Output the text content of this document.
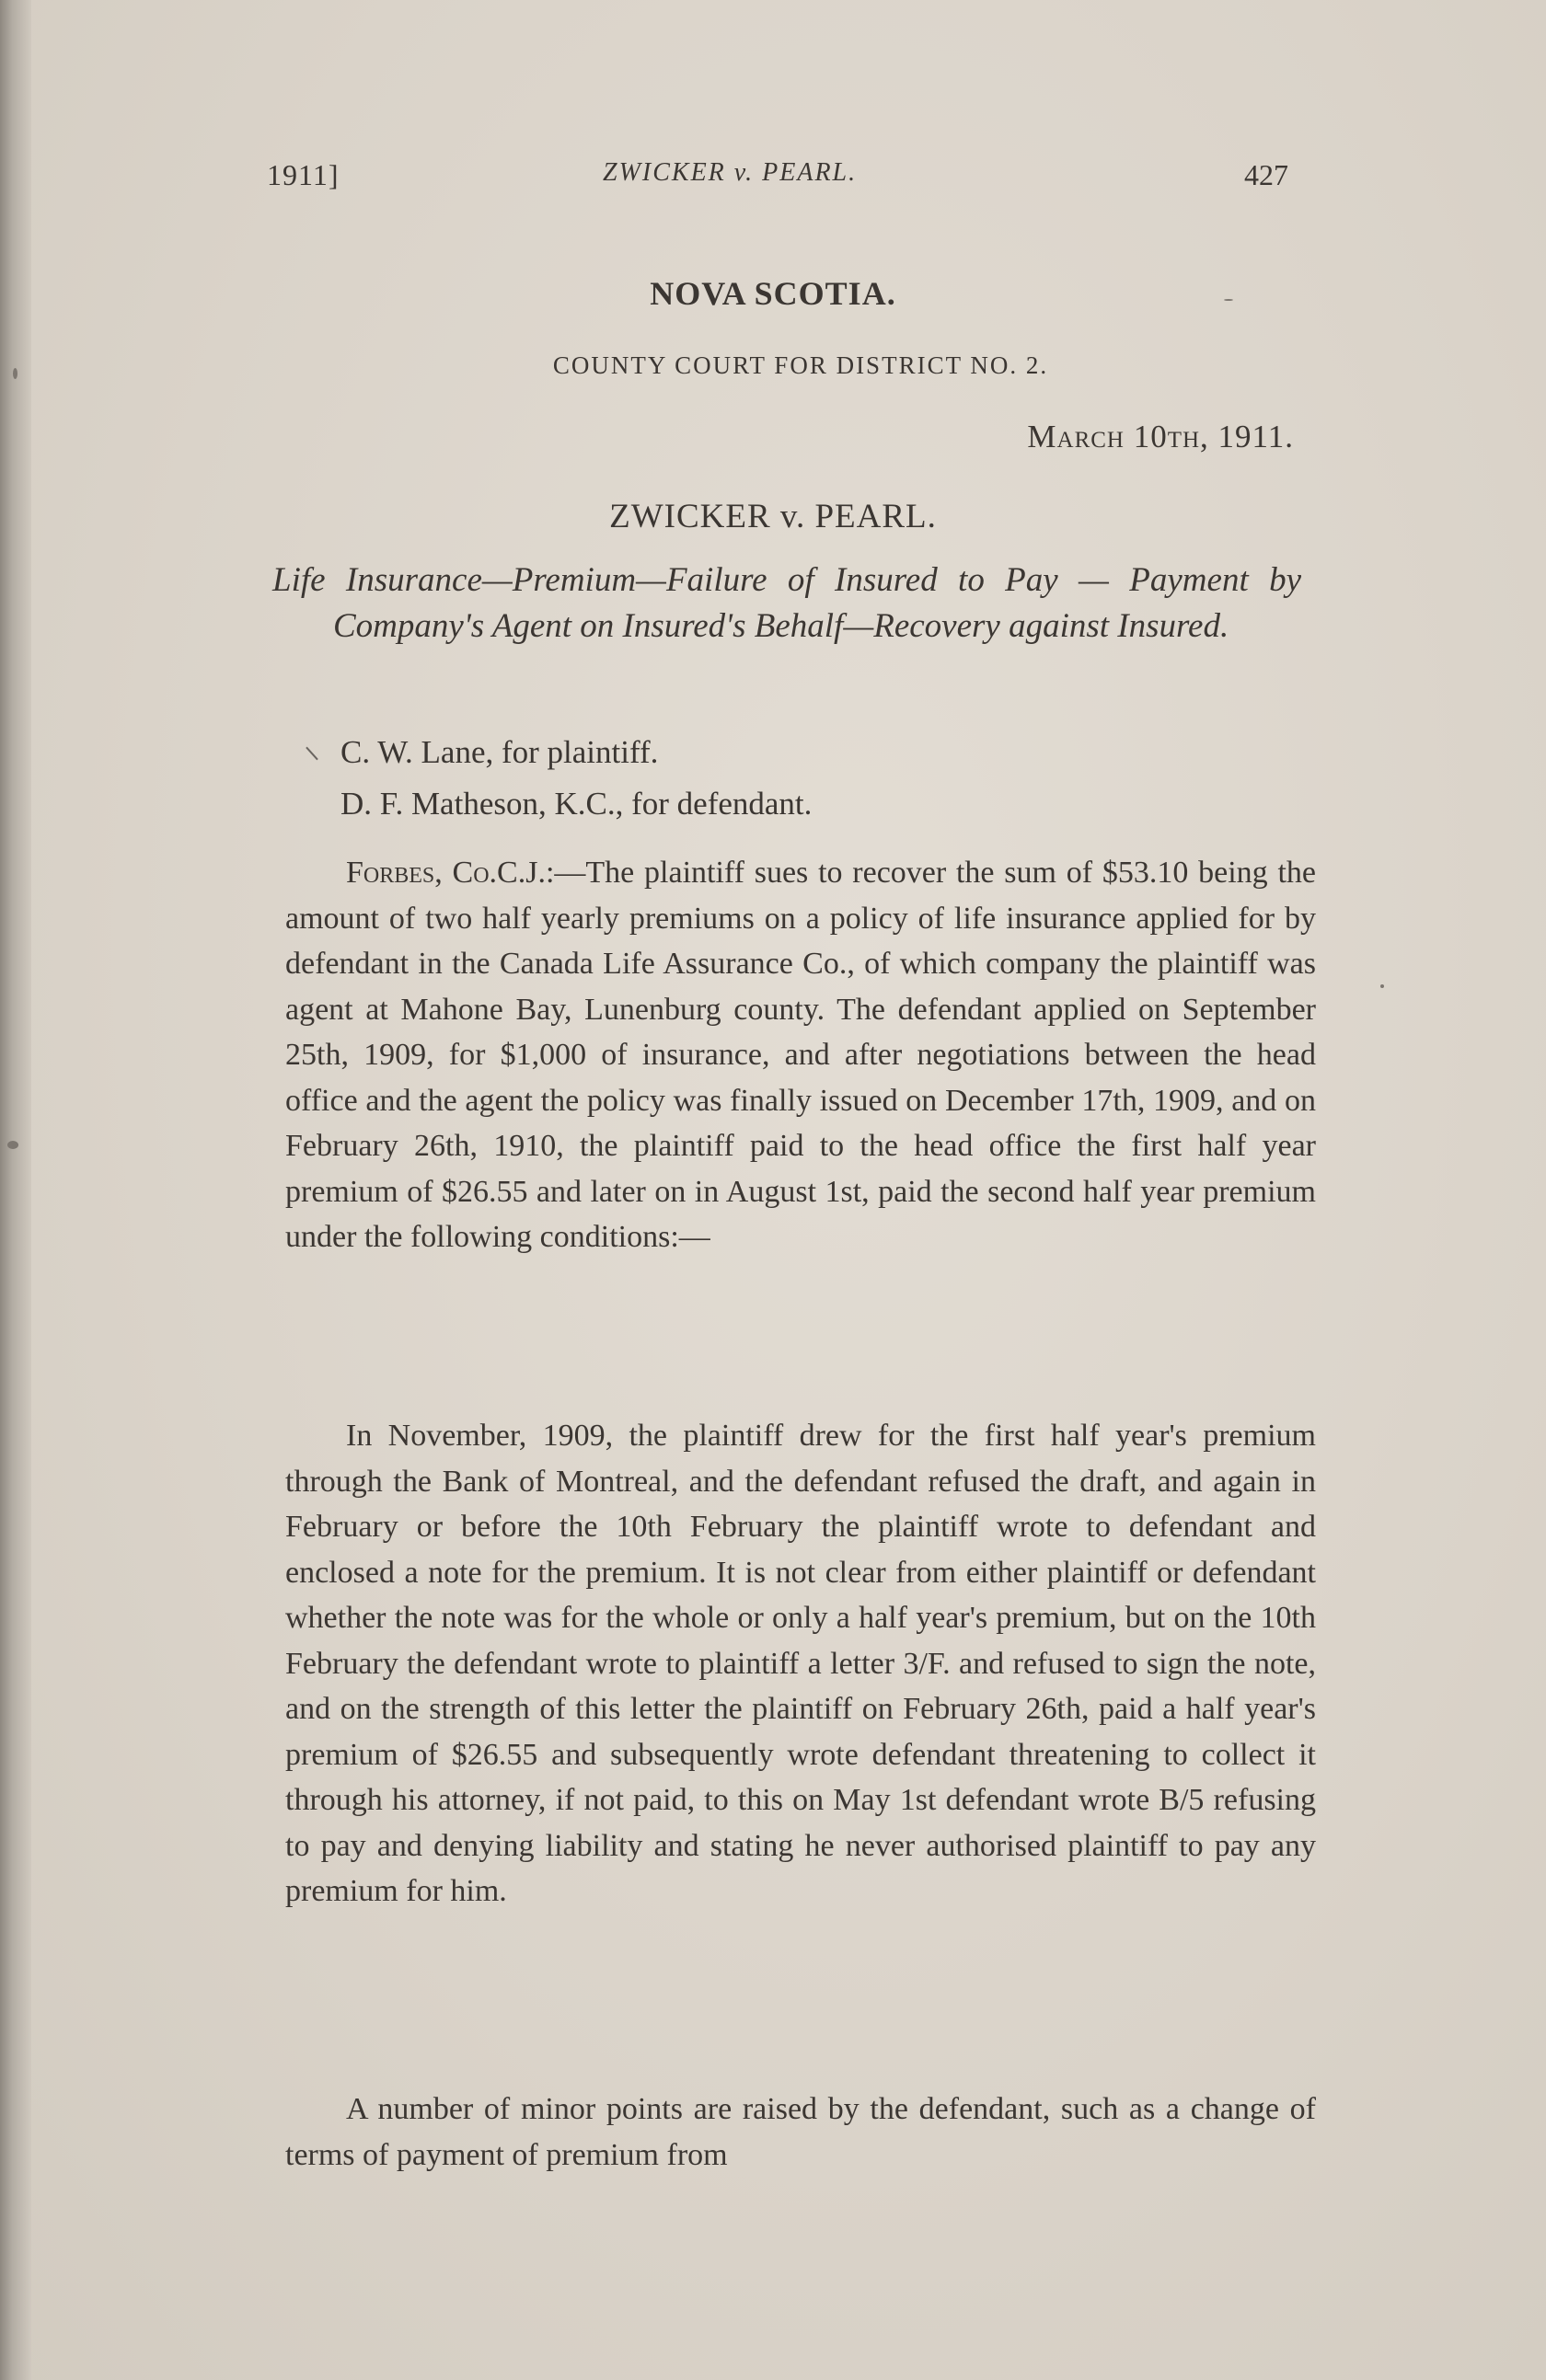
1911]	ZWICKER v. PEARL.	427
NOVA SCOTIA.
COUNTY COURT FOR DISTRICT NO. 2.
March 10th, 1911.
ZWICKER v. PEARL.
Life Insurance—Premium—Failure of Insured to Pay — Payment by Company's Agent on Insured's Behalf—Recovery against Insured.
C. W. Lane, for plaintiff.
D. F. Matheson, K.C., for defendant.

Forbes, Co.C.J.:—The plaintiff sues to recover the sum of $53.10 being the amount of two half yearly premiums on a policy of life insurance applied for by defendant in the Canada Life Assurance Co., of which company the plaintiff was agent at Mahone Bay, Lunenburg county. The defendant applied on September 25th, 1909, for $1,000 of insurance, and after negotiations between the head office and the agent the policy was finally issued on December 17th, 1909, and on February 26th, 1910, the plaintiff paid to the head office the first half year premium of $26.55 and later on in August 1st, paid the second half year premium under the following conditions:—

In November, 1909, the plaintiff drew for the first half year's premium through the Bank of Montreal, and the defendant refused the draft, and again in February or before the 10th February the plaintiff wrote to defendant and enclosed a note for the premium. It is not clear from either plaintiff or defendant whether the note was for the whole or only a half year's premium, but on the 10th February the defendant wrote to plaintiff a letter 3/F. and refused to sign the note, and on the strength of this letter the plaintiff on February 26th, paid a half year's premium of $26.55 and subsequently wrote defendant threatening to collect it through his attorney, if not paid, to this on May 1st defendant wrote B/5 refusing to pay and denying liability and stating he never authorised plaintiff to pay any premium for him.

A number of minor points are raised by the defendant, such as a change of terms of payment of premium from
